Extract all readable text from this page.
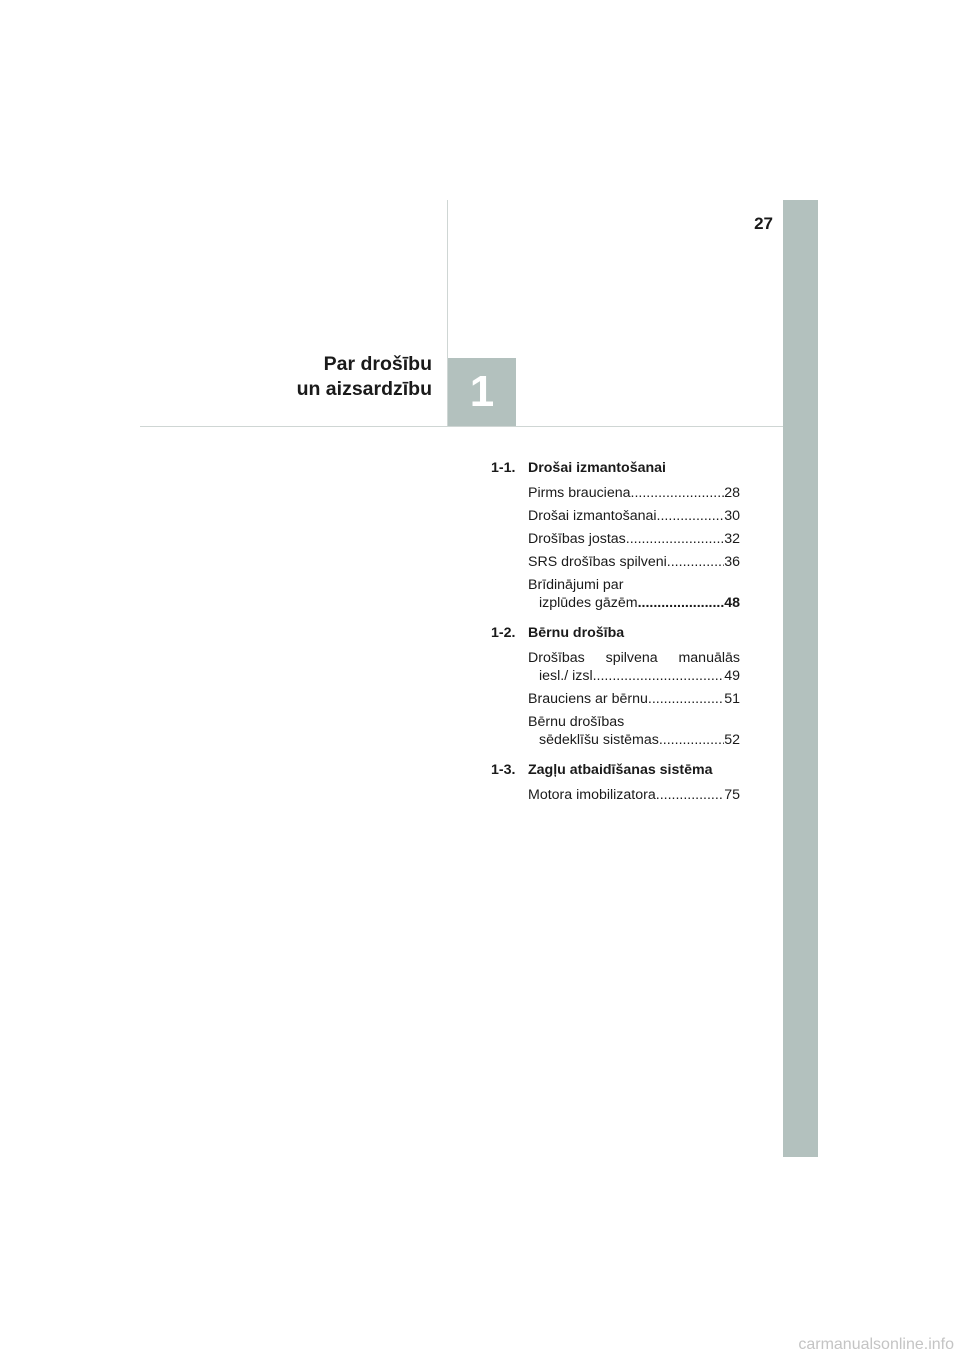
27
Par drošību
un aizsardzību 1
1-1. Drošai izmantošanai
Pirms brauciena .....	28
Drošai izmantošanai .....	30
Drošības jostas .....	32
SRS drošības spilveni .....	36
Brīdinājumi par
izplūdes gāzēm .....	48
1-2. Bērnu drošība
Drošības spilvena manuālās
iesl./ izsl. .....	49
Brauciens ar bērnu .....	51
Bērnu drošības
sēdeklīšu sistēmas .....	52
1-3. Zagļu atbaidīšanas sistēma
Motora imobilizatora .....	75
carmanualsonline.info
